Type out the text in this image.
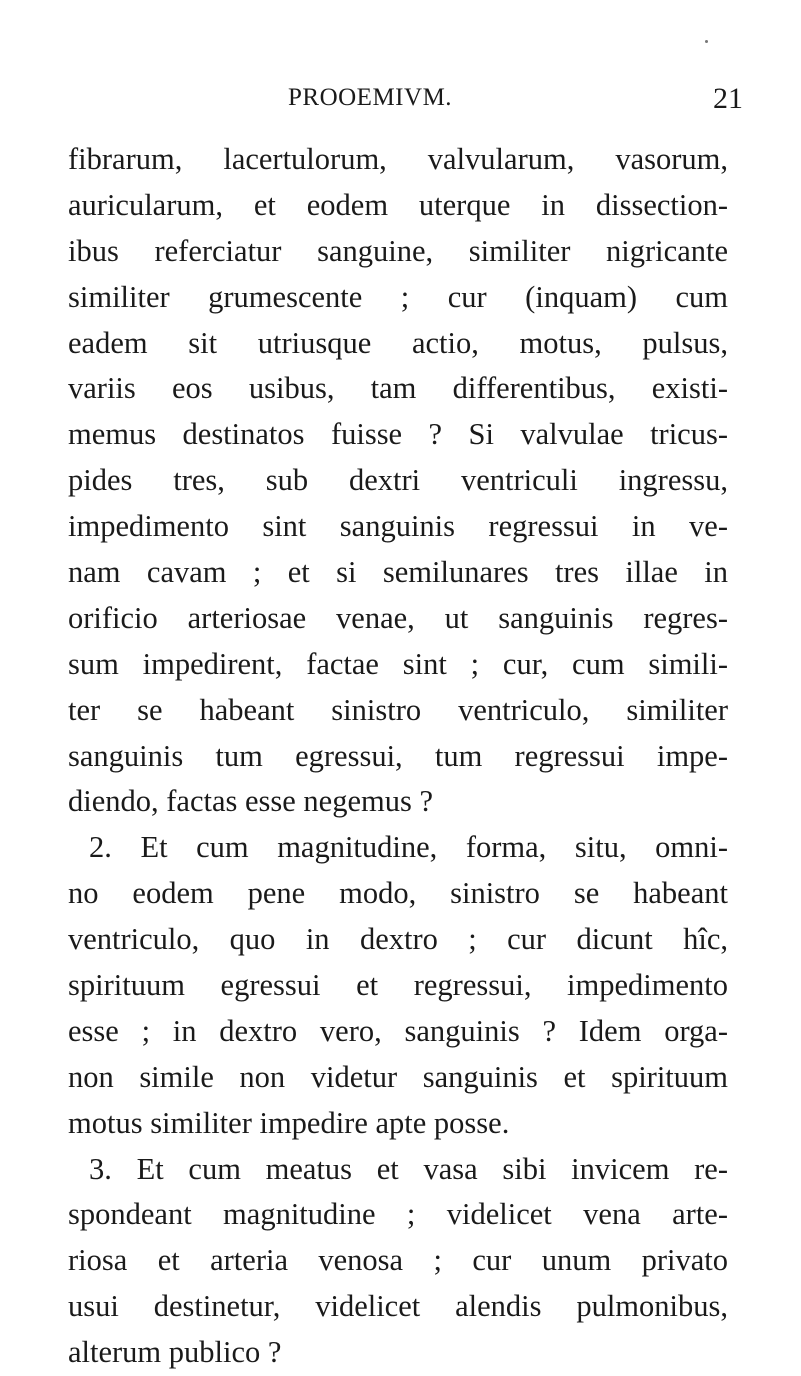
PROOEMIVM.	21
fibrarum, lacertulorum, valvularum, vasorum,
auricularum, et eodem uterque in dissection-
ibus referciatur sanguine, similiter nigricante
similiter grumescente ; cur (inquam) cum
eadem sit utriusque actio, motus, pulsus,
variis eos usibus, tam differentibus, existi-
memus destinatos fuisse ? Si valvulae tricus-
pides tres, sub dextri ventriculi ingressu,
impedimento sint sanguinis regressui in ve-
nam cavam ; et si semilunares tres illae in
orificio arteriosae venae, ut sanguinis regres-
sum impedirent, factae sint ; cur, cum simili-
ter se habeant sinistro ventriculo, similiter
sanguinis tum egressui, tum regressui impe-
diendo, factas esse negemus ?
2. Et cum magnitudine, forma, situ, omni-
no eodem pene modo, sinistro se habeant
ventriculo, quo in dextro ; cur dicunt hîc,
spirituum egressui et regressui, impedimento
esse ; in dextro vero, sanguinis ? Idem orga-
non simile non videtur sanguinis et spirituum
motus similiter impedire apte posse.
3. Et cum meatus et vasa sibi invicem re-
spondeant magnitudine ; videlicet vena arte-
riosa et arteria venosa ; cur unum privato
usui destinetur, videlicet alendis pulmonibus,
alterum publico ?
